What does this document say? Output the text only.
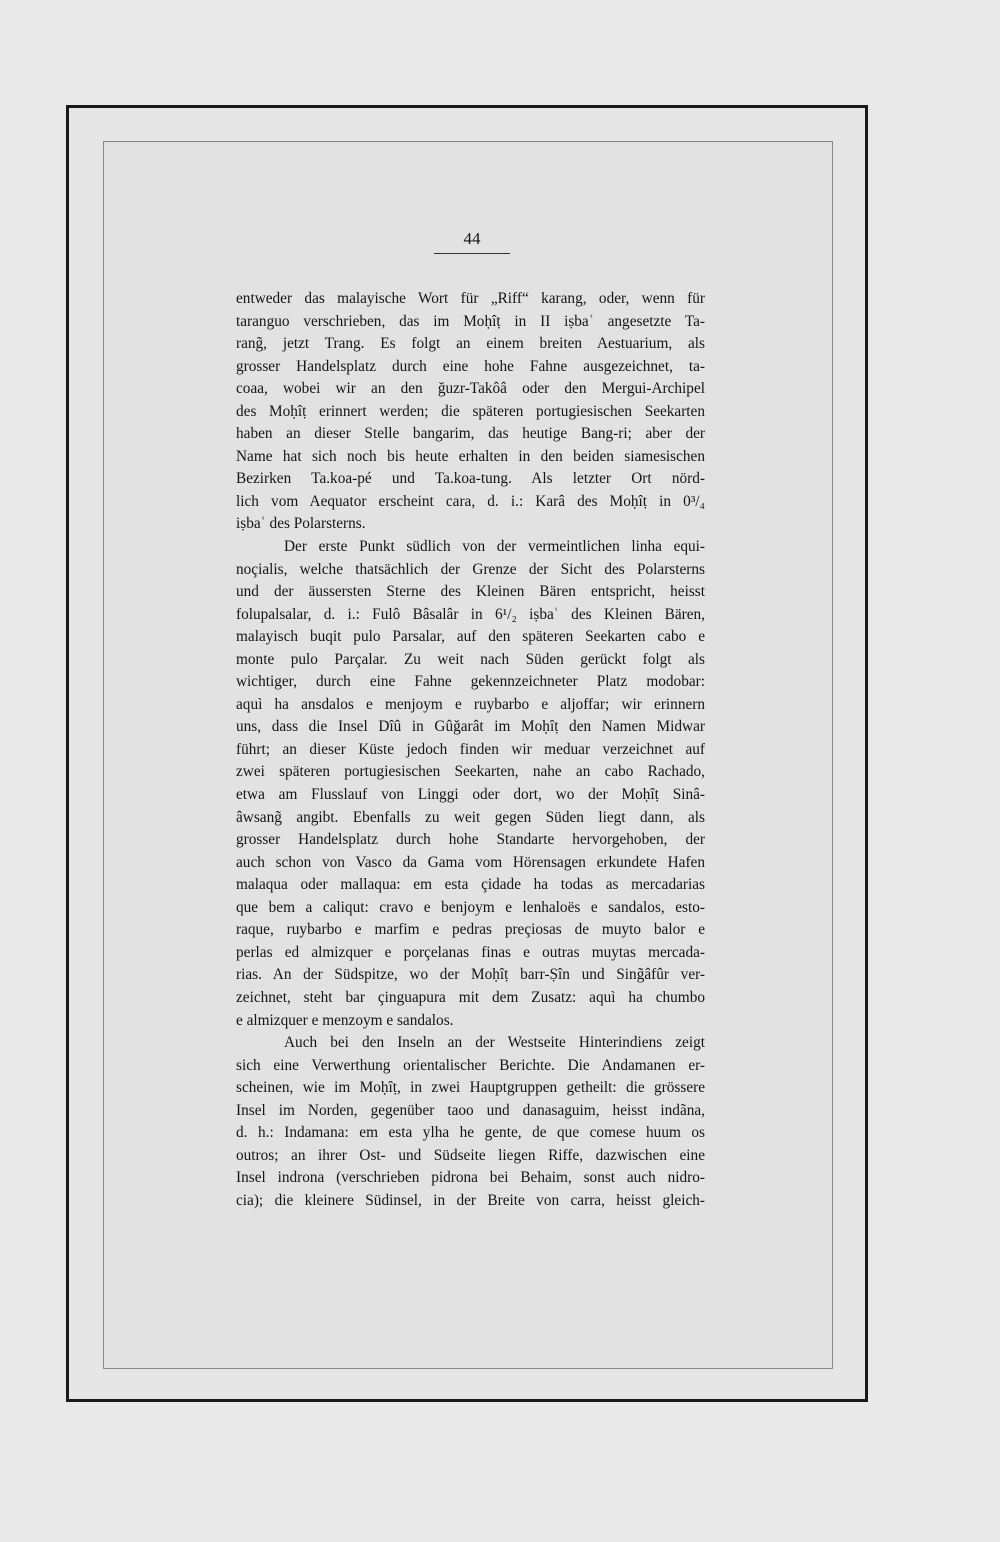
44
entweder das malayische Wort für „Riff“ karang, oder, wenn für
taranguo verschrieben, das im Moḥîṭ in II iṣbaʿ angesetzte Ta-
rang̃, jetzt Trang. Es folgt an einem breiten Aestuarium, als
grosser Handelsplatz durch eine hohe Fahne ausgezeichnet, ta-
coaa, wobei wir an den ǧuzr-Takôâ oder den Mergui-Archipel
des Moḥîṭ erinnert werden; die späteren portugiesischen Seekarten
haben an dieser Stelle bangarim, das heutige Bang-ri; aber der
Name hat sich noch bis heute erhalten in den beiden siamesischen
Bezirken Ta.koa-pé und Ta.koa-tung. Als letzter Ort nörd-
lich vom Aequator erscheint cara, d. i.: Karâ des Moḥîṭ in 0³/₄
iṣbaʿ des Polarsterns.
Der erste Punkt südlich von der vermeintlichen linha equi-
noçialis, welche thatsächlich der Grenze der Sicht des Polarsterns
und der äussersten Sterne des Kleinen Bären entspricht, heisst
folupalsalar, d. i.: Fulô Bâsalâr in 6¹/₂ iṣbaʿ des Kleinen Bären,
malayisch buqit pulo Parsalar, auf den späteren Seekarten cabo e
monte pulo Parçalar. Zu weit nach Süden gerückt folgt als
wichtiger, durch eine Fahne gekennzeichneter Platz modobar:
aquì ha ansdalos e menjoym e ruybarbo e aljoffar; wir erinnern
uns, dass die Insel Dîû in Gûǧarât im Moḥîṭ den Namen Midwar
führt; an dieser Küste jedoch finden wir meduar verzeichnet auf
zwei späteren portugiesischen Seekarten, nahe an cabo Rachado,
etwa am Flusslauf von Linggi oder dort, wo der Moḥîṭ Sinâ-
âwsang̃ angibt. Ebenfalls zu weit gegen Süden liegt dann, als
grosser Handelsplatz durch hohe Standarte hervorgehoben, der
auch schon von Vasco da Gama vom Hörensagen erkundete Hafen
malaqua oder mallaqua: em esta çidade ha todas as mercadarias
que bem a caliqut: cravo e benjoym e lenhaloës e sandalos, esto-
raque, ruybarbo e marfim e pedras preçiosas de muyto balor e
perlas ed almizquer e porçelanas finas e outras muytas mercada-
rias. An der Südspitze, wo der Moḥîṭ barr-Ṣîn und Sing̃âfûr ver-
zeichnet, steht bar çinguapura mit dem Zusatz: aquì ha chumbo
e almizquer e menzoym e sandalos.
Auch bei den Inseln an der Westseite Hinterindiens zeigt
sich eine Verwerthung orientalischer Berichte. Die Andamanen er-
scheinen, wie im Moḥîṭ, in zwei Hauptgruppen getheilt: die grössere
Insel im Norden, gegenüber taoo und danasaguim, heisst indãna,
d. h.: Indamana: em esta ylha he gente, de que comese huum os
outros; an ihrer Ost- und Südseite liegen Riffe, dazwischen eine
Insel indrona (verschrieben pidrona bei Behaim, sonst auch nidro-
cia); die kleinere Südinsel, in der Breite von carra, heisst gleich-
